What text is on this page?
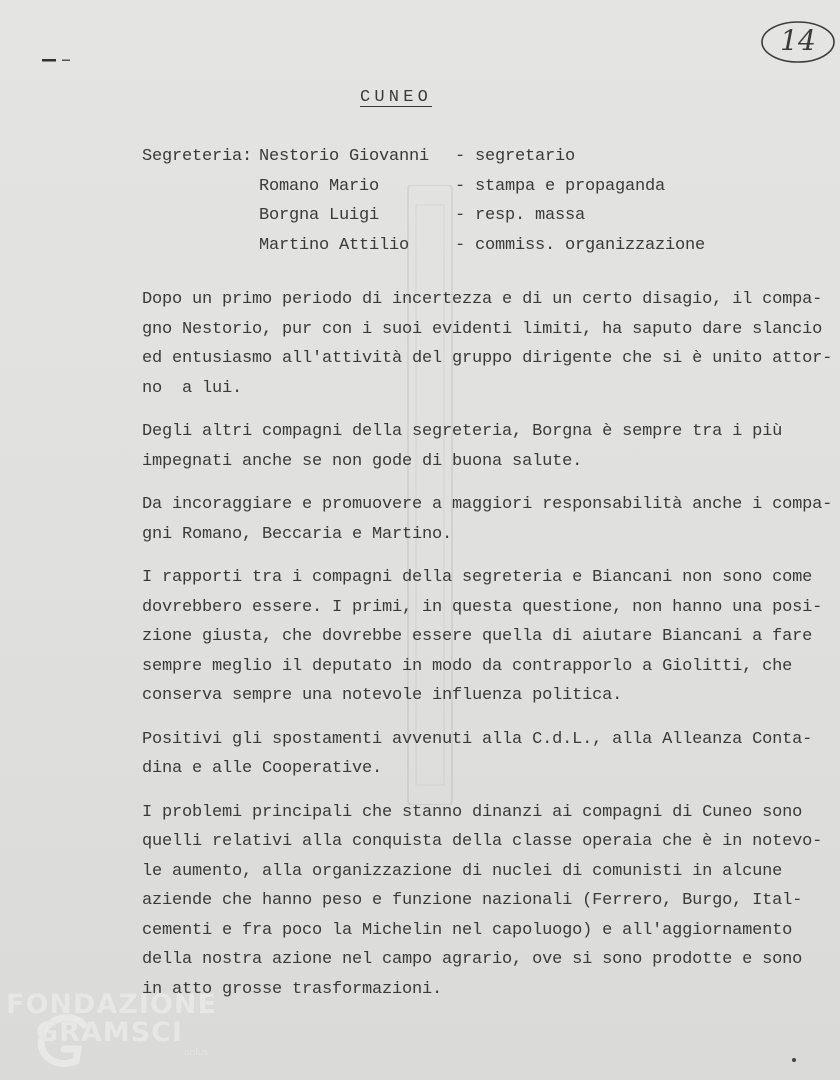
14
CUNEO
Segreteria: Nestorio Giovanni - segretario
Romano Mario	- stampa e propaganda
Borgna Luigi	- resp. massa
Martino Attilio	- commiss. organizzazione
Dopo un primo periodo di incertezza e di un certo disagio, il compa-
gno Nestorio, pur con i suoi evidenti limiti, ha saputo dare slancio
ed entusiasmo all'attività del gruppo dirigente che si è unito attor-
no  a lui.
Degli altri compagni della segreteria, Borgna è sempre tra i più
impegnati anche se non gode di buona salute.
Da incoraggiare e promuovere a maggiori responsabilità anche i compa-
gni Romano, Beccaria e Martino.
I rapporti tra i compagni della segreteria e Biancani non sono come
dovrebbero essere. I primi, in questa questione, non hanno una posi-
zione giusta, che dovrebbe essere quella di aiutare Biancani a fare
sempre meglio il deputato in modo da contrapporlo a Giolitti, che
conserva sempre una notevole influenza politica.
Positivi gli spostamenti avvenuti alla C.d.L., alla Alleanza Conta-
dina e alle Cooperative.
I problemi principali che stanno dinanzi ai compagni di Cuneo sono
quelli relativi alla conquista della classe operaia che è in notevo-
le aumento, alla organizzazione di nuclei di comunisti in alcune
aziende che hanno peso e funzione nazionali (Ferrero, Burgo, Ital-
cementi e fra poco la Michelin nel capoluogo) e all'aggiornamento
della nostra azione nel campo agrario, ove si sono prodotte e sono
in atto grosse trasformazioni.
FONDAZIONE
GRAMSCI
onlus
